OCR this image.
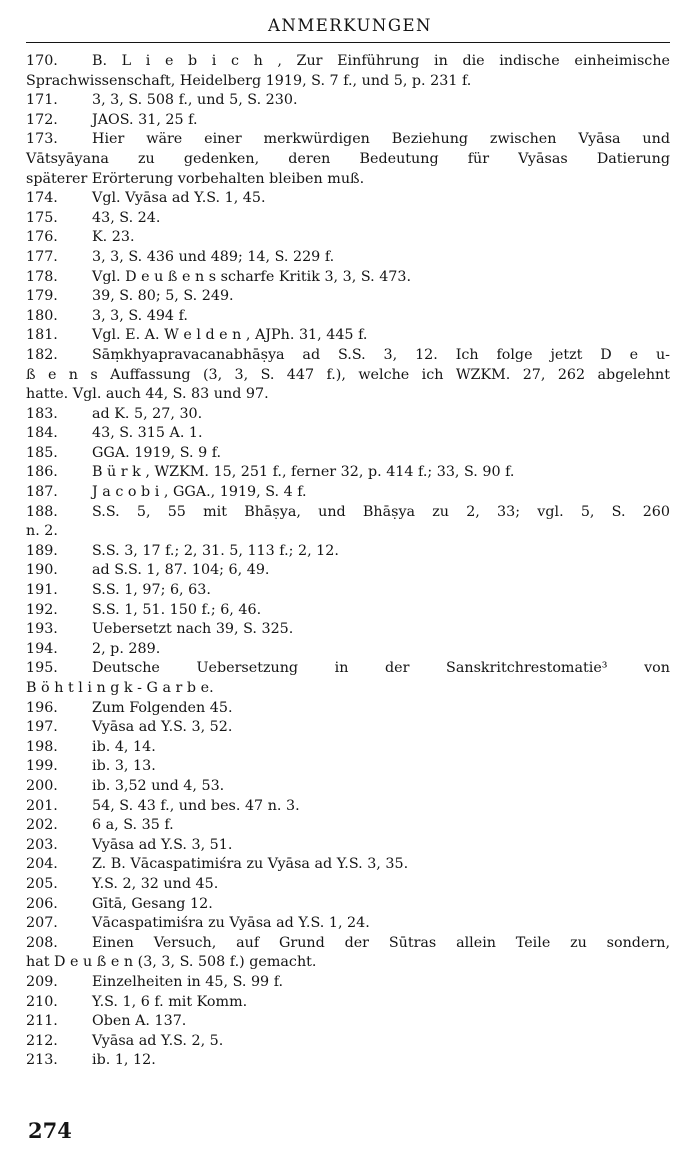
ANMERKUNGEN
170. B. L i e b i c h , Zur Einführung in die indische einheimische
Sprachwissenschaft, Heidelberg 1919, S. 7 f., und 5, p. 231 f.
171. 3, 3, S. 508 f., und 5, S. 230.
172. JAOS. 31, 25 f.
173. Hier wäre einer merkwürdigen Beziehung zwischen Vyāsa und
Vātsyāyana zu gedenken, deren Bedeutung für Vyāsas Datierung
späterer Erörterung vorbehalten bleiben muß.
174. Vgl. Vyāsa ad Y.S. 1, 45.
175. 43, S. 24.
176. K. 23.
177. 3, 3, S. 436 und 489; 14, S. 229 f.
178. Vgl. D e u ß e n s scharfe Kritik 3, 3, S. 473.
179. 39, S. 80; 5, S. 249.
180. 3, 3, S. 494 f.
181. Vgl. E. A. W e l d e n , AJPh. 31, 445 f.
182. Sāṃkhyapravacanabhāṣya ad S.S. 3, 12. Ich folge jetzt D e u-
ß e n s Auffassung (3, 3, S. 447 f.), welche ich WZKM. 27, 262 abgelehnt
hatte. Vgl. auch 44, S. 83 und 97.
183. ad K. 5, 27, 30.
184. 43, S. 315 A. 1.
185. GGA. 1919, S. 9 f.
186. B ü r k , WZKM. 15, 251 f., ferner 32, p. 414 f.; 33, S. 90 f.
187. J a c o b i , GGA., 1919, S. 4 f.
188. S.S. 5, 55 mit Bhāṣya, und Bhāṣya zu 2, 33; vgl. 5, S. 260
n. 2.
189. S.S. 3, 17 f.; 2, 31. 5, 113 f.; 2, 12.
190. ad S.S. 1, 87. 104; 6, 49.
191. S.S. 1, 97; 6, 63.
192. S.S. 1, 51. 150 f.; 6, 46.
193. Uebersetzt nach 39, S. 325.
194. 2, p. 289.
195. Deutsche Uebersetzung in der Sanskritchrestomatie³ von
B ö h t l i n g k - G a r b e.
196. Zum Folgenden 45.
197. Vyāsa ad Y.S. 3, 52.
198. ib. 4, 14.
199. ib. 3, 13.
200. ib. 3,52 und 4, 53.
201. 54, S. 43 f., und bes. 47 n. 3.
202. 6 a, S. 35 f.
203. Vyāsa ad Y.S. 3, 51.
204. Z. B. Vācaspatimiśra zu Vyāsa ad Y.S. 3, 35.
205. Y.S. 2, 32 und 45.
206. Gītā, Gesang 12.
207. Vācaspatimiśra zu Vyāsa ad Y.S. 1, 24.
208. Einen Versuch, auf Grund der Sūtras allein Teile zu sondern,
hat D e u ß e n (3, 3, S. 508 f.) gemacht.
209. Einzelheiten in 45, S. 99 f.
210. Y.S. 1, 6 f. mit Komm.
211. Oben A. 137.
212. Vyāsa ad Y.S. 2, 5.
213. ib. 1, 12.
274
